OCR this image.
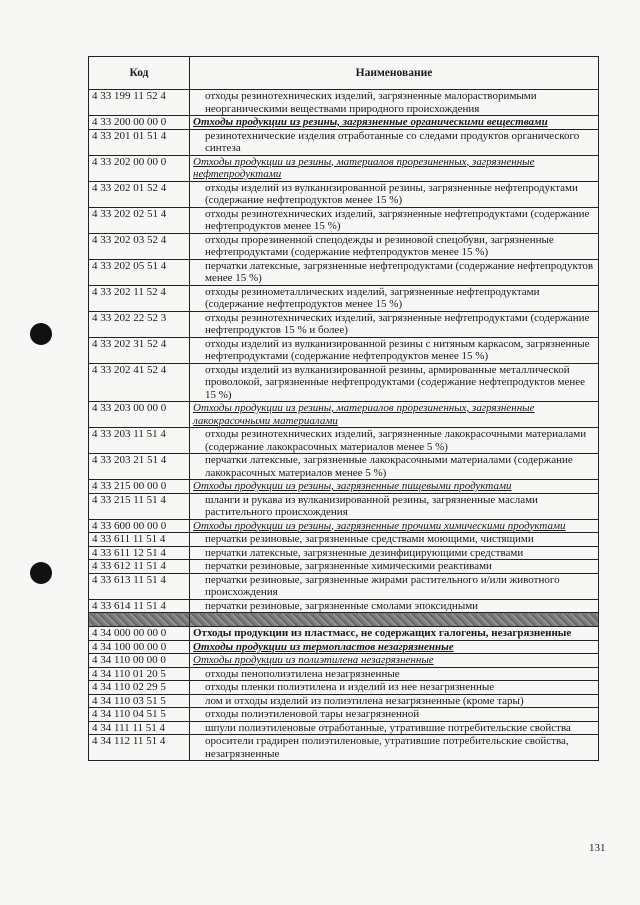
Код	Наименование
4 33 199 11 52 4	отходы резинотехнических изделий, загрязненные малорастворимыми неорганическими веществами природного происхождения
4 33 200 00 00 0	Отходы продукции из резины, загрязненные органическими веществами
4 33 201 01 51 4	резинотехнические изделия отработанные со следами продуктов органического синтеза
4 33 202 00 00 0	Отходы продукции из резины, материалов прорезиненных, загрязненные нефтепродуктами
4 33 202 01 52 4	отходы изделий из вулканизированной резины, загрязненные нефтепродуктами (содержание нефтепродуктов менее 15 %)
4 33 202 02 51 4	отходы резинотехнических изделий, загрязненные нефтепродуктами (содержание нефтепродуктов менее 15 %)
4 33 202 03 52 4	отходы прорезиненной спецодежды и резиновой спецобуви, загрязненные нефтепродуктами (содержание нефтепродуктов менее 15 %)
4 33 202 05 51 4	перчатки латексные, загрязненные нефтепродуктами (содержание нефтепродуктов менее 15 %)
4 33 202 11 52 4	отходы резинометаллических изделий, загрязненные нефтепродуктами (содержание нефтепродуктов менее 15 %)
4 33 202 22 52 3	отходы резинотехнических изделий, загрязненные нефтепродуктами (содержание нефтепродуктов 15 % и более)
4 33 202 31 52 4	отходы изделий из вулканизированной резины с нитяным каркасом, загрязненные нефтепродуктами (содержание нефтепродуктов менее 15 %)
4 33 202 41 52 4	отходы изделий из вулканизированной резины, армированные металлической проволокой, загрязненные нефтепродуктами (содержание нефтепродуктов менее 15 %)
4 33 203 00 00 0	Отходы продукции из резины, материалов прорезиненных, загрязненные лакокрасочными материалами
4 33 203 11 51 4	отходы резинотехнических изделий, загрязненные лакокрасочными материалами (содержание лакокрасочных материалов менее 5 %)
4 33 203 21 51 4	перчатки латексные, загрязненные лакокрасочными материалами (содержание лакокрасочных материалов менее 5 %)
4 33 215 00 00 0	Отходы продукции из резины, загрязненные пищевыми продуктами
4 33 215 11 51 4	шланги и рукава из вулканизированной резины, загрязненные маслами растительного происхождения
4 33 600 00 00 0	Отходы продукции из резины, загрязненные прочими химическими продуктами
4 33 611 11 51 4	перчатки резиновые, загрязненные средствами моющими, чистящими
4 33 611 12 51 4	перчатки латексные, загрязненные дезинфицирующими средствами
4 33 612 11 51 4	перчатки резиновые, загрязненные химическими реактивами
4 33 613 11 51 4	перчатки резиновые, загрязненные жирами растительного и/или животного происхождения
4 33 614 11 51 4	перчатки резиновые, загрязненные смолами эпоксидными

4 34 000 00 00 0	Отходы продукции из пластмасс, не содержащих галогены, незагрязненные
4 34 100 00 00 0	Отходы продукции из термопластов незагрязненные
4 34 110 00 00 0	Отходы продукции из полиэтилена незагрязненные
4 34 110 01 20 5	отходы пенополиэтилена незагрязненные
4 34 110 02 29 5	отходы пленки полиэтилена и изделий из нее незагрязненные
4 34 110 03 51 5	лом и отходы изделий из полиэтилена незагрязненные (кроме тары)
4 34 110 04 51 5	отходы полиэтиленовой тары незагрязненной
4 34 111 11 51 4	шпули полиэтиленовые отработанные, утратившие потребительские свойства
4 34 112 11 51 4	оросители градирен полиэтиленовые, утратившие потребительские свойства, незагрязненные
131
